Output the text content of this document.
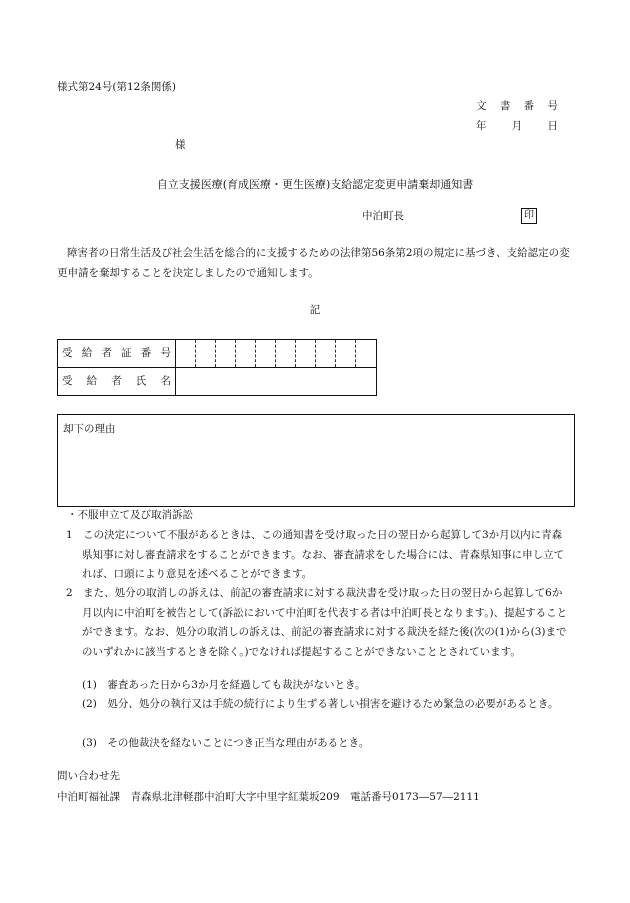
様式第24号(第12条関係)
文 書 番 号
年 月 日
様
自立支援医療(育成医療・更生医療)支給認定変更申請棄却通知書
中泊町長	印
障害者の日常生活及び社会生活を総合的に支援するための法律第56条第2項の規定に基づき、支給認定の変更申請を棄却することを決定しましたので通知します。
記
受給者証番号	

受給者氏名	

却下の理由
・不服申立て及び取消訴訟
1　この決定について不服があるときは、この通知書を受け取った日の翌日から起算して3か月以内に青森県知事に対し審査請求をすることができます。なお、審査請求をした場合には、青森県知事に申し立てれば、口頭により意見を述べることができます。
2　また、処分の取消しの訴えは、前記の審査請求に対する裁決書を受け取った日の翌日から起算して6か月以内に中泊町を被告として(訴訟において中泊町を代表する者は中泊町長となります。)、提起することができます。なお、処分の取消しの訴えは、前記の審査請求に対する裁決を経た後(次の(1)から(3)までのいずれかに該当するときを除く。)でなければ提起することができないこととされています。
(1)　審査あった日から3か月を経過しても裁決がないとき。
(2)　処分、処分の執行又は手続の続行により生ずる著しい損害を避けるため緊急の必要があるとき。
(3)　その他裁決を経ないことにつき正当な理由があるとき。
問い合わせ先
中泊町福祉課　青森県北津軽郡中泊町大字中里字紅葉坂209　電話番号0173―57―2111
